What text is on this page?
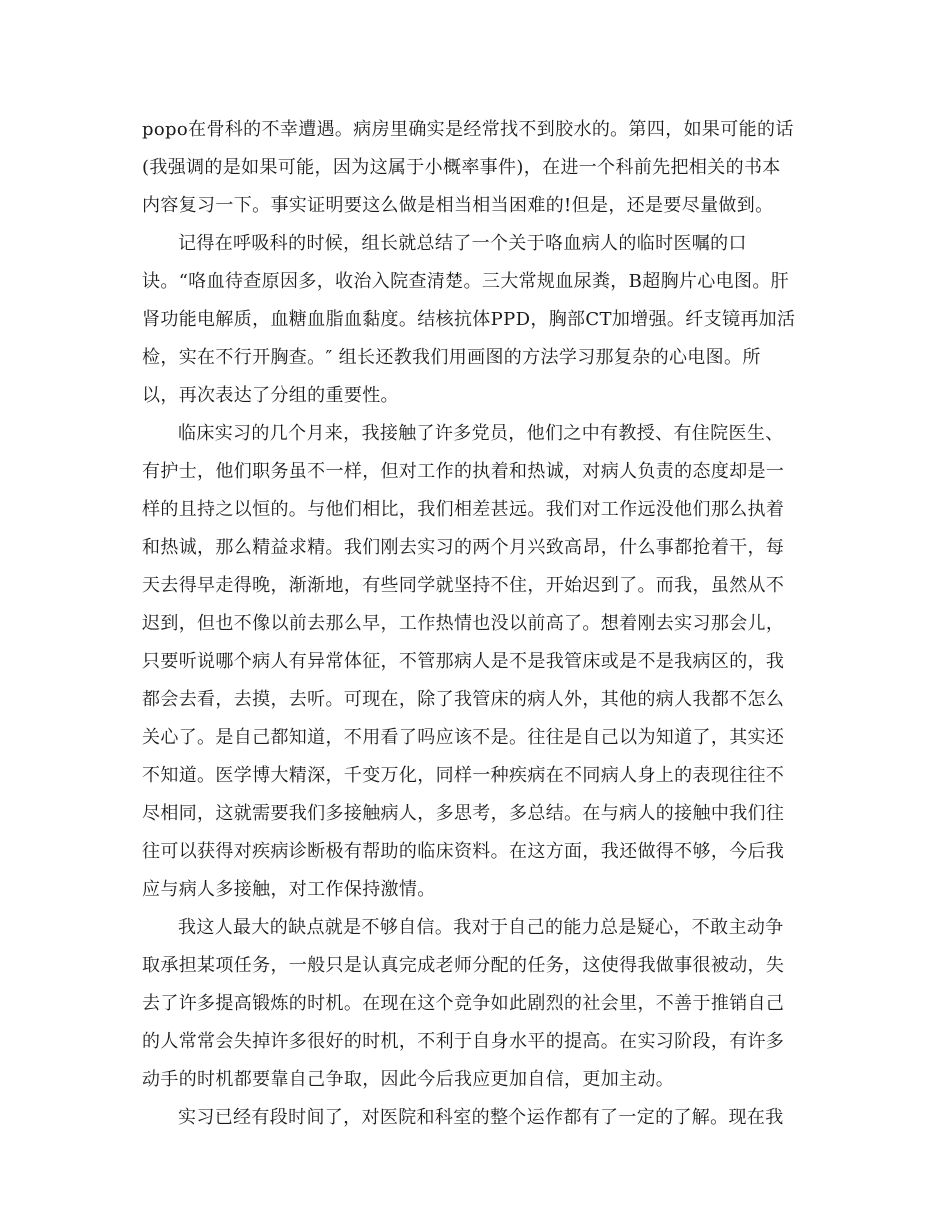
popo在骨科的不幸遭遇。病房里确实是经常找不到胶水的。第四，如果可能的话
(我强调的是如果可能，因为这属于小概率事件)，在进一个科前先把相关的书本
内容复习一下。事实证明要这么做是相当相当困难的!但是，还是要尽量做到。
记得在呼吸科的时候，组长就总结了一个关于咯血病人的临时医嘱的口
诀。“咯血待查原因多，收治入院查清楚。三大常规血尿粪，B超胸片心电图。肝
肾功能电解质，血糖血脂血黏度。结核抗体PPD，胸部CT加增强。纤支镜再加活
检，实在不行开胸查。″ 组长还教我们用画图的方法学习那复杂的心电图。所
以，再次表达了分组的重要性。
临床实习的几个月来，我接触了许多党员，他们之中有教授、有住院医生、
有护士，他们职务虽不一样，但对工作的执着和热诚，对病人负责的态度却是一
样的且持之以恒的。与他们相比，我们相差甚远。我们对工作远没他们那么执着
和热诚，那么精益求精。我们刚去实习的两个月兴致高昂，什么事都抢着干，每
天去得早走得晚，渐渐地，有些同学就坚持不住，开始迟到了。而我，虽然从不
迟到，但也不像以前去那么早，工作热情也没以前高了。想着刚去实习那会儿，
只要听说哪个病人有异常体征，不管那病人是不是我管床或是不是我病区的，我
都会去看，去摸，去听。可现在，除了我管床的病人外，其他的病人我都不怎么
关心了。是自己都知道，不用看了吗应该不是。往往是自己以为知道了，其实还
不知道。医学博大精深，千变万化，同样一种疾病在不同病人身上的表现往往不
尽相同，这就需要我们多接触病人，多思考，多总结。在与病人的接触中我们往
往可以获得对疾病诊断极有帮助的临床资料。在这方面，我还做得不够，今后我
应与病人多接触，对工作保持激情。
我这人最大的缺点就是不够自信。我对于自己的能力总是疑心，不敢主动争
取承担某项任务，一般只是认真完成老师分配的任务，这使得我做事很被动，失
去了许多提高锻炼的时机。在现在这个竞争如此剧烈的社会里，不善于推销自己
的人常常会失掉许多很好的时机，不利于自身水平的提高。在实习阶段，有许多
动手的时机都要靠自己争取，因此今后我应更加自信，更加主动。
实习已经有段时间了，对医院和科室的整个运作都有了一定的了解。现在我
